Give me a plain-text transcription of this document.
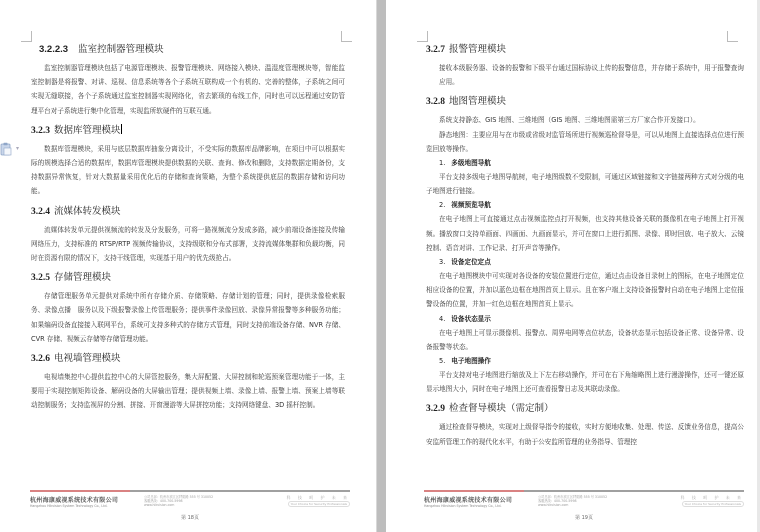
3.2.2.3 监室控制器管理模块

监室控制器管理模块包括了电源管理模块、报警管理模块、网络接入模块、温湿度管理模块等，智能监室控制器是将报警、对讲、巡视、信息系统等各个子系统互联构成一个有机的、完善的整体，子系统之间可实现无缝联接，各个子系统通过监室控制器实现网络化，省去繁琐的布线工作，同时也可以远程通过安防管理平台对子系统进行集中化管理，实现监所软硬件的互联互通。

3.2.3 数据库管理模块

数据库管理模块，采用与底层数据库抽象分离设计，不受实际的数据库品牌影响，在项目中可以根据实际的规模选择合适的数据库，数据库管理模块提供数据的关联、查询、修改和删除，支持数据定期备份，支持数据异常恢复，针对大数据量采用优化后的存储和查询策略，为整个系统提供底层的数据存储和访问功能。

3.2.4 流媒体转发模块

流媒体转发单元提供视频流的转发及分发服务，可将一路视频流分发成多路，减少前端设备连接及传输网络压力，支持标准的 RTSP/RTP 视频传输协议，支持级联和分布式部署，支持流媒体集群和负载均衡，同时在资源有限的情况下，支持干线管理，实现基于用户的优先级抢占。

3.2.5 存储管理模块

存储管理服务单元提供对系统中所有存储介质、存储策略、存储计划的管理；同时，提供录像检索服务、录像点播　服务以及下级报警录像上传管理服务；提供事件录像回放、录像异常报警等多种服务功能；如果编码设备直接接入联网平台，系统可支持多种式的存储方式管理，同时支持前端设备存储、NVR 存储、CVR 存储、视频云存储等存储管理功能。

3.2.6 电视墙管理模块

电视墙集控中心提供监控中心的大屏管控服务，集大屏配置、大屏控制和轮巡预案管理功能于一体，主要用于实现控制矩阵设备、解码设备的大屏输出管理；提供视频上墙、录像上墙、报警上墙、预案上墙等联动控制服务；支持监视屏的分割、拼接、开窗漫游等大屏拼控功能；支持网络键盘、3D 摇杆控制。

杭州海康威视系统技术有限公司
Hangzhou Hikvision System Technology Co., Ltd.
公司总部：杭州市滨江区阡陌路 555 号 310052
客服热线：400-700-5998
www.hikvision.com
科 技 呵 护 未 来
Your Choice for Security Professionals
第 18页
▾
3.2.7 报警管理模块

接收本级服务器、设备的报警和下级平台通过国标协议上传的报警信息，并存储于系统中，用于报警查询应用。

3.2.8 地图管理模块

系统支持静态、GIS 地图、三维地图（GIS 地图、三维地图需第三方厂家合作开发接口）。

静态地图：主要应用与在市级或省级对监管场所进行视频巡检督导是，可以从地图上直接选择点位进行预览回放等操作。

1. 多级地图导航

平台支持多级电子地图导航树，电子地图级数不受限制，可通过区域链接和文字链接两种方式对分级的电子地图进行链接。

2. 视频预览导航

在电子地图上可直接通过点击视频监控点打开视频，也支持其他设备关联的摄像机在电子地图上打开视频。播放窗口支持单画面、四画面、九画面显示，并可在窗口上进行抓图、录像、即时回放、电子放大、云镜控制、语音对讲、工作记录、打开声音等操作。

3. 设备定位定点

在电子地图模块中可实现对各设备的安装位置进行定位，通过点击设备目录树上的图标，在电子地图定位相应设备的位置，并加以蓝色边框在地图首页上显示。且在客户端上支持设备报警时自动在电子地图上定位报警设备的位置，并加一红色边框在地图首页上显示。

4. 设备状态显示

在电子地图上可显示摄像机、报警点、周界电网等点位状态，设备状态显示包括设备正常、设备异常、设备报警等状态。

5. 电子地图操作

平台支持对电子地图进行缩放及上下左右移动操作，并可在右下角缩略图上进行漫游操作，还可一键还原显示地图大小，同时在电子地图上还可查看报警日志及其联动录像。

3.2.9 检查督导模块（需定制）

通过检查督导模块，实现对上级督导指令的接收，实时方便地收集、处理、传送、反馈业务信息，提高公安监所管理工作的现代化水平，有助于公安监所管理的业务指导、管理控

杭州海康威视系统技术有限公司
Hangzhou Hikvision System Technology Co., Ltd.
公司总部：杭州市滨江区阡陌路 555 号 310052
客服热线：400-700-5998
www.hikvision.com
科 技 呵 护 未 来
Your Choice for Security Professionals
第 19页
